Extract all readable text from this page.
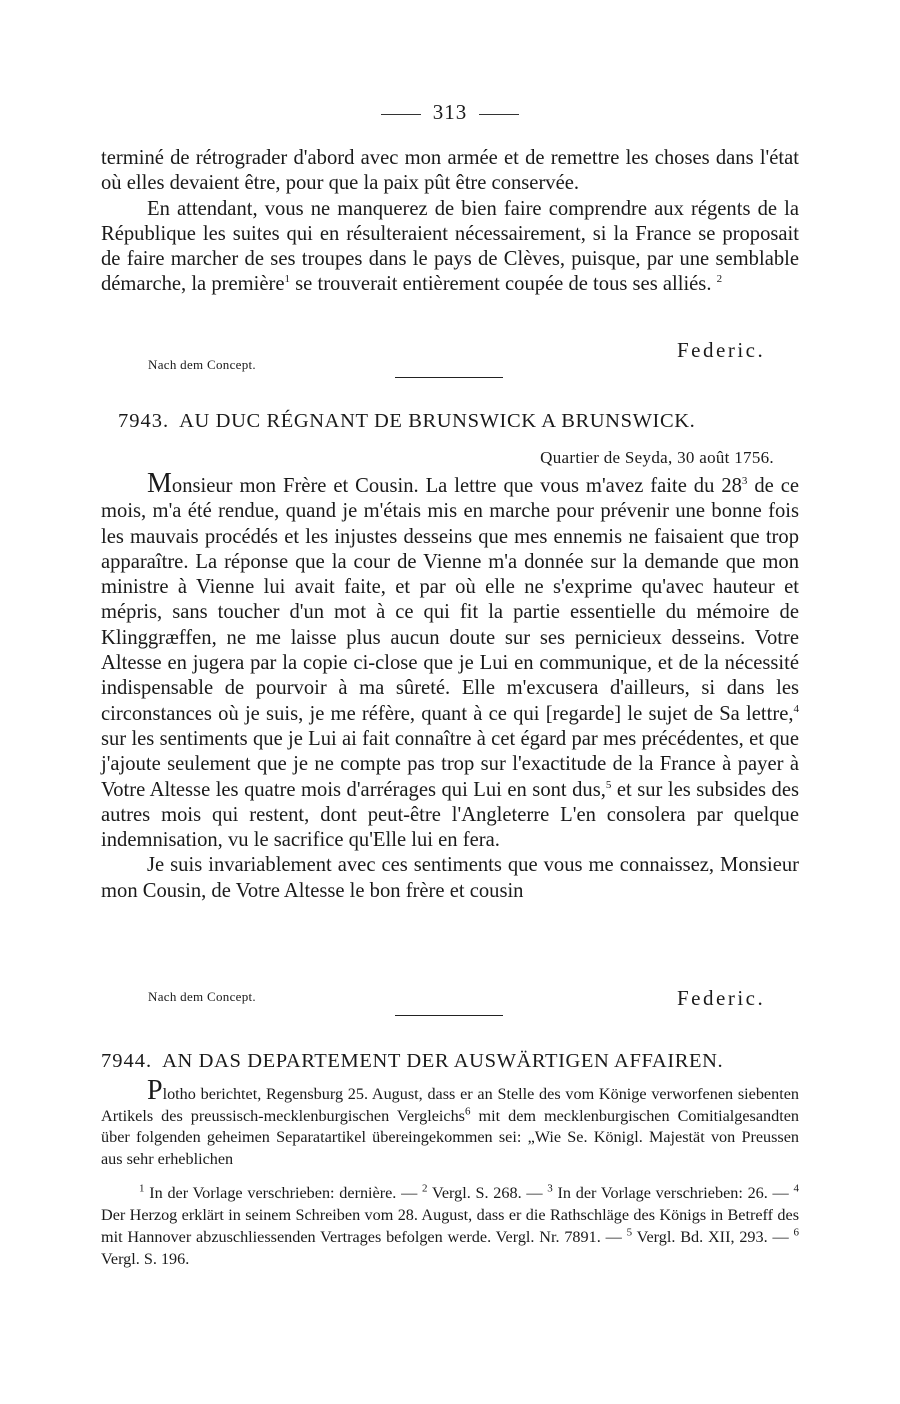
313

terminé de rétrograder d'abord avec mon armée et de remettre les choses dans l'état où elles devaient être, pour que la paix pût être conservée.

En attendant, vous ne manquerez de bien faire comprendre aux régents de la République les suites qui en résulteraient nécessairement, si la France se proposait de faire marcher de ses troupes dans le pays de Clèves, puisque, par une semblable démarche, la première$^1$ se trouverait entièrement coupée de tous ses alliés. $^2$

Nach dem Concept.
Federic.
7943. AU DUC RÉGNANT DE BRUNSWICK A BRUNSWICK.
Quartier de Seyda, 30 août 1756.

Monsieur mon Frère et Cousin. La lettre que vous m'avez faite du 28$^3$ de ce mois, m'a été rendue, quand je m'étais mis en marche pour prévenir une bonne fois les mauvais procédés et les injustes desseins que mes ennemis ne faisaient que trop apparaître. La réponse que la cour de Vienne m'a donnée sur la demande que mon ministre à Vienne lui avait faite, et par où elle ne s'exprime qu'avec hauteur et mépris, sans toucher d'un mot à ce qui fit la partie essentielle du mémoire de Klinggræffen, ne me laisse plus aucun doute sur ses pernicieux desseins. Votre Altesse en jugera par la copie ci-close que je Lui en communique, et de la nécessité indispensable de pourvoir à ma sûreté. Elle m'excusera d'ailleurs, si dans les circonstances où je suis, je me réfère, quant à ce qui [regarde] le sujet de Sa lettre,$^4$ sur les sentiments que je Lui ai fait connaître à cet égard par mes précédentes, et que j'ajoute seulement que je ne compte pas trop sur l'exactitude de la France à payer à Votre Altesse les quatre mois d'arrérages qui Lui en sont dus,$^5$ et sur les subsides des autres mois qui restent, dont peut-être l'Angleterre L'en consolera par quelque indemnisation, vu le sacrifice qu'Elle lui en fera.

Je suis invariablement avec ces sentiments que vous me connaissez, Monsieur mon Cousin, de Votre Altesse le bon frère et cousin

Nach dem Concept.	Federic.
7944. AN DAS DEPARTEMENT DER AUSWÄRTIGEN AFFAIREN.

Plotho berichtet, Regensburg 25. August, dass er an Stelle des vom Könige verworfenen siebenten Artikels des preussisch-mecklenburgischen Vergleichs$^6$ mit dem mecklenburgischen Comitialgesandten über folgenden geheimen Separatartikel übereingekommen sei: „Wie Se. Königl. Majestät von Preussen aus sehr erheblichen

$^1$ In der Vorlage verschrieben: dernière. — $^2$ Vergl. S. 268. — $^3$ In der Vorlage verschrieben: 26. — $^4$ Der Herzog erklärt in seinem Schreiben vom 28. August, dass er die Rathschläge des Königs in Betreff des mit Hannover abzuschliessenden Vertrages befolgen werde. Vergl. Nr. 7891. — $^5$ Vergl. Bd. XII, 293. — $^6$ Vergl. S. 196.
